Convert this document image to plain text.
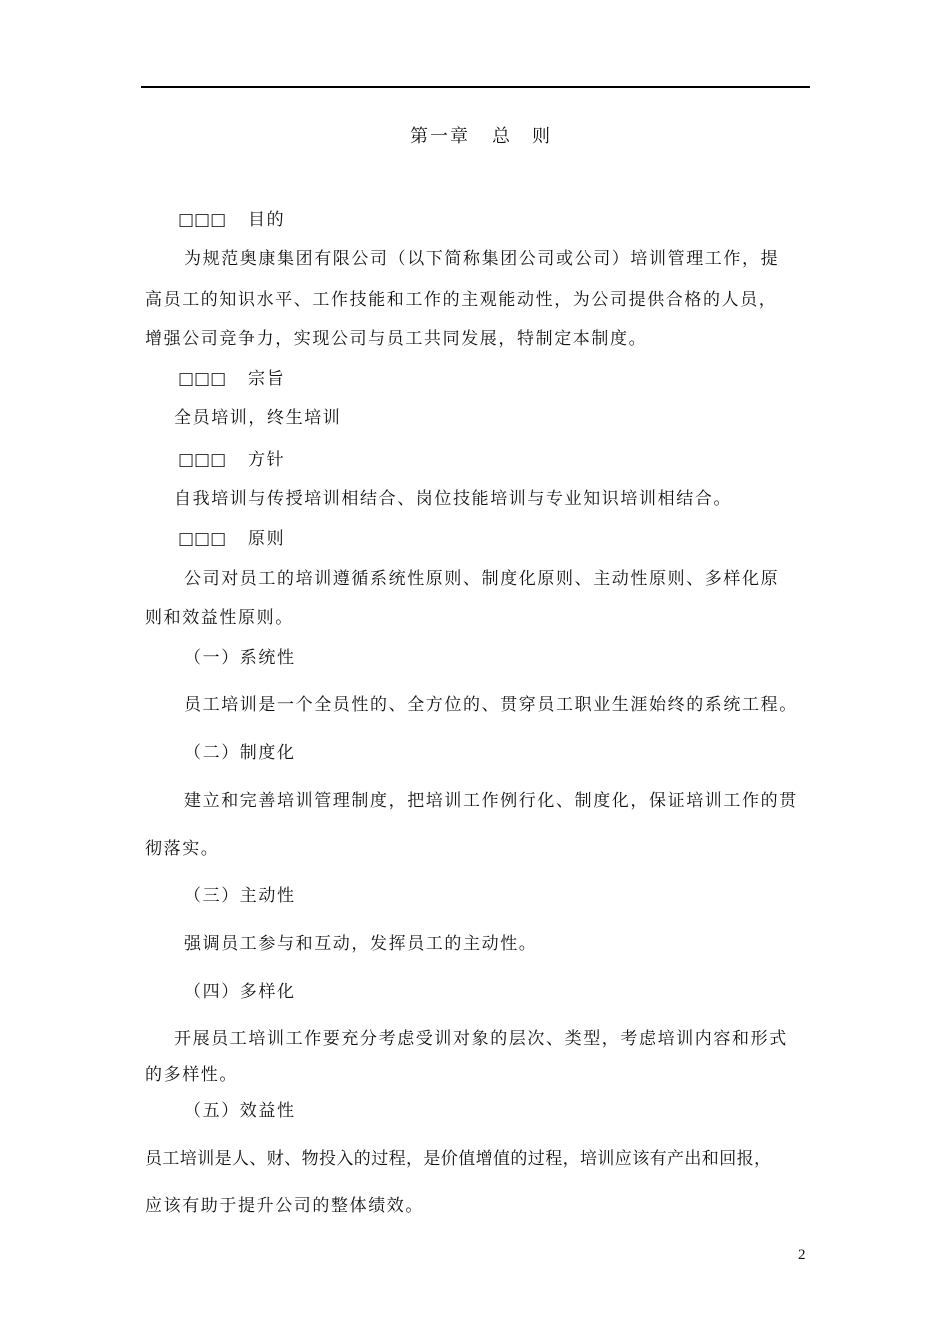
第一章 总　则
□□□ 目的
为规范奥康集团有限公司（以下简称集团公司或公司）培训管理工作，提
高员工的知识水平、工作技能和工作的主观能动性，为公司提供合格的人员，
增强公司竞争力，实现公司与员工共同发展，特制定本制度。
□□□ 宗旨
全员培训，终生培训
□□□ 方针
自我培训与传授培训相结合、岗位技能培训与专业知识培训相结合。
□□□ 原则
公司对员工的培训遵循系统性原则、制度化原则、主动性原则、多样化原
则和效益性原则。
（一）系统性
员工培训是一个全员性的、全方位的、贯穿员工职业生涯始终的系统工程。
（二）制度化
建立和完善培训管理制度，把培训工作例行化、制度化，保证培训工作的贯
彻落实。
（三）主动性
强调员工参与和互动，发挥员工的主动性。
（四）多样化
开展员工培训工作要充分考虑受训对象的层次、类型，考虑培训内容和形式
的多样性。
（五）效益性
员工培训是人、财、物投入的过程，是价值增值的过程，培训应该有产出和回报，
应该有助于提升公司的整体绩效。
2
